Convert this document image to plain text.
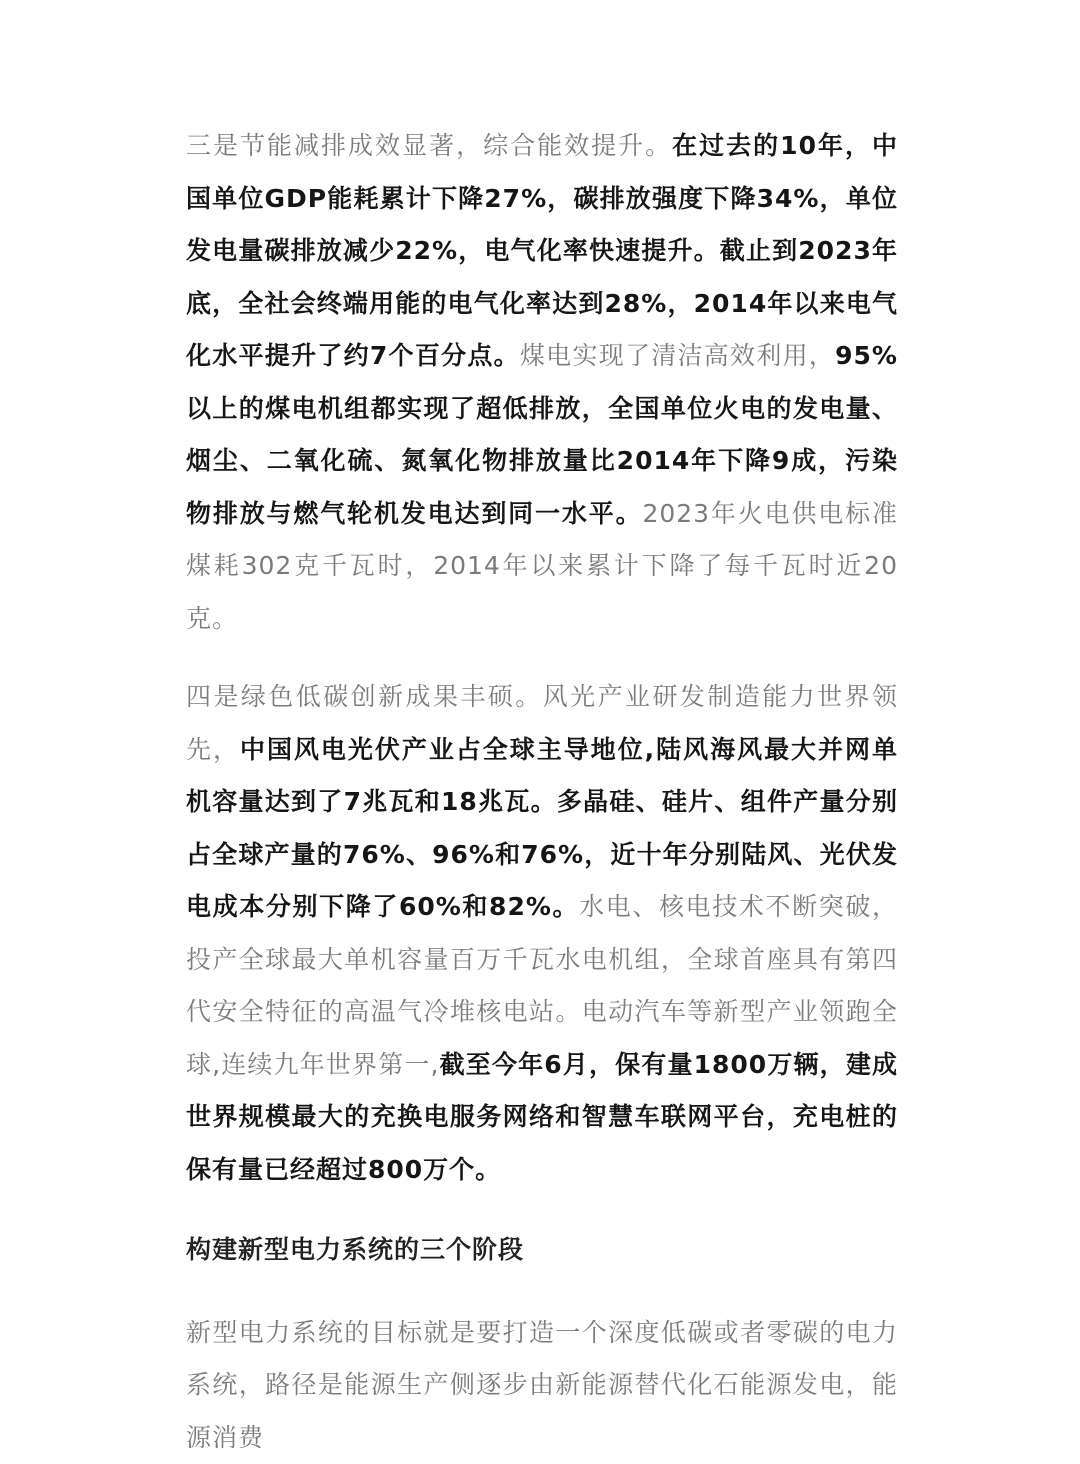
三是节能减排成效显著，综合能效提升。在过去的10年，中国单位GDP能耗累计下降27%，碳排放强度下降34%，单位发电量碳排放减少22%，电气化率快速提升。截止到2023年底，全社会终端用能的电气化率达到28%，2014年以来电气化水平提升了约7个百分点。煤电实现了清洁高效利用，95%以上的煤电机组都实现了超低排放，全国单位火电的发电量、烟尘、二氧化硫、氮氧化物排放量比2014年下降9成，污染物排放与燃气轮机发电达到同一水平。2023年火电供电标准煤耗302克千瓦时，2014年以来累计下降了每千瓦时近20克。

四是绿色低碳创新成果丰硕。风光产业研发制造能力世界领先，中国风电光伏产业占全球主导地位,陆风海风最大并网单机容量达到了7兆瓦和18兆瓦。多晶硅、硅片、组件产量分别占全球产量的76%、96%和76%，近十年分别陆风、光伏发电成本分别下降了60%和82%。水电、核电技术不断突破，投产全球最大单机容量百万千瓦水电机组，全球首座具有第四代安全特征的高温气冷堆核电站。电动汽车等新型产业领跑全球,连续九年世界第一,截至今年6月，保有量1800万辆，建成世界规模最大的充换电服务网络和智慧车联网平台，充电桩的保有量已经超过800万个。

构建新型电力系统的三个阶段

新型电力系统的目标就是要打造一个深度低碳或者零碳的电力系统，路径是能源生产侧逐步由新能源替代化石能源发电，能源消费
